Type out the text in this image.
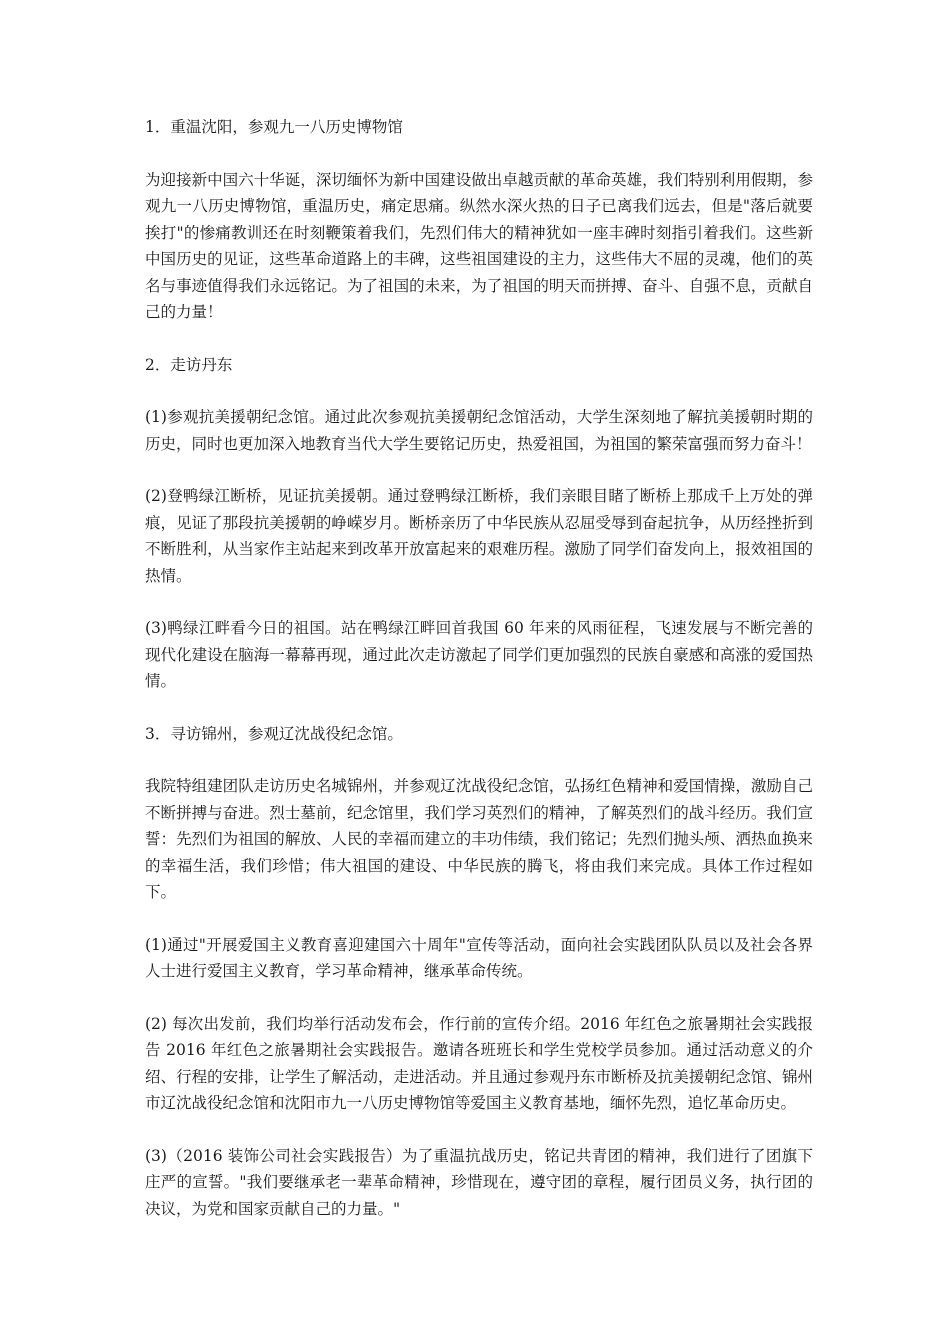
1．重温沈阳，参观九一八历史博物馆

为迎接新中国六十华诞，深切缅怀为新中国建设做出卓越贡献的革命英雄，我们特别利用假期，参观九一八历史博物馆，重温历史，痛定思痛。纵然水深火热的日子已离我们远去，但是"落后就要挨打"的惨痛教训还在时刻鞭策着我们，先烈们伟大的精神犹如一座丰碑时刻指引着我们。这些新中国历史的见证，这些革命道路上的丰碑，这些祖国建设的主力，这些伟大不屈的灵魂，他们的英名与事迹值得我们永远铭记。为了祖国的未来，为了祖国的明天而拼搏、奋斗、自强不息，贡献自己的力量！

2．走访丹东

(1)参观抗美援朝纪念馆。通过此次参观抗美援朝纪念馆活动，大学生深刻地了解抗美援朝时期的历史，同时也更加深入地教育当代大学生要铭记历史，热爱祖国，为祖国的繁荣富强而努力奋斗！

(2)登鸭绿江断桥，见证抗美援朝。通过登鸭绿江断桥，我们亲眼目睹了断桥上那成千上万处的弹痕，见证了那段抗美援朝的峥嵘岁月。断桥亲历了中华民族从忍屈受辱到奋起抗争，从历经挫折到不断胜利，从当家作主站起来到改革开放富起来的艰难历程。激励了同学们奋发向上，报效祖国的热情。

(3)鸭绿江畔看今日的祖国。站在鸭绿江畔回首我国 60 年来的风雨征程，飞速发展与不断完善的现代化建设在脑海一幕幕再现，通过此次走访激起了同学们更加强烈的民族自豪感和高涨的爱国热情。

3．寻访锦州，参观辽沈战役纪念馆。

我院特组建团队走访历史名城锦州，并参观辽沈战役纪念馆，弘扬红色精神和爱国情操，激励自己不断拼搏与奋进。烈士墓前，纪念馆里，我们学习英烈们的精神，了解英烈们的战斗经历。我们宣誓：先烈们为祖国的解放、人民的幸福而建立的丰功伟绩，我们铭记；先烈们抛头颅、洒热血换来的幸福生活，我们珍惜；伟大祖国的建设、中华民族的腾飞，将由我们来完成。具体工作过程如下。

(1)通过"开展爱国主义教育喜迎建国六十周年"宣传等活动，面向社会实践团队队员以及社会各界人士进行爱国主义教育，学习革命精神，继承革命传统。

(2) 每次出发前，我们均举行活动发布会，作行前的宣传介绍。2016 年红色之旅暑期社会实践报告 2016 年红色之旅暑期社会实践报告。邀请各班班长和学生党校学员参加。通过活动意义的介绍、行程的安排，让学生了解活动，走进活动。并且通过参观丹东市断桥及抗美援朝纪念馆、锦州市辽沈战役纪念馆和沈阳市九一八历史博物馆等爱国主义教育基地，缅怀先烈，追忆革命历史。

(3)（2016 装饰公司社会实践报告）为了重温抗战历史，铭记共青团的精神，我们进行了团旗下庄严的宣誓。"我们要继承老一辈革命精神，珍惜现在，遵守团的章程，履行团员义务，执行团的决议，为党和国家贡献自己的力量。"
